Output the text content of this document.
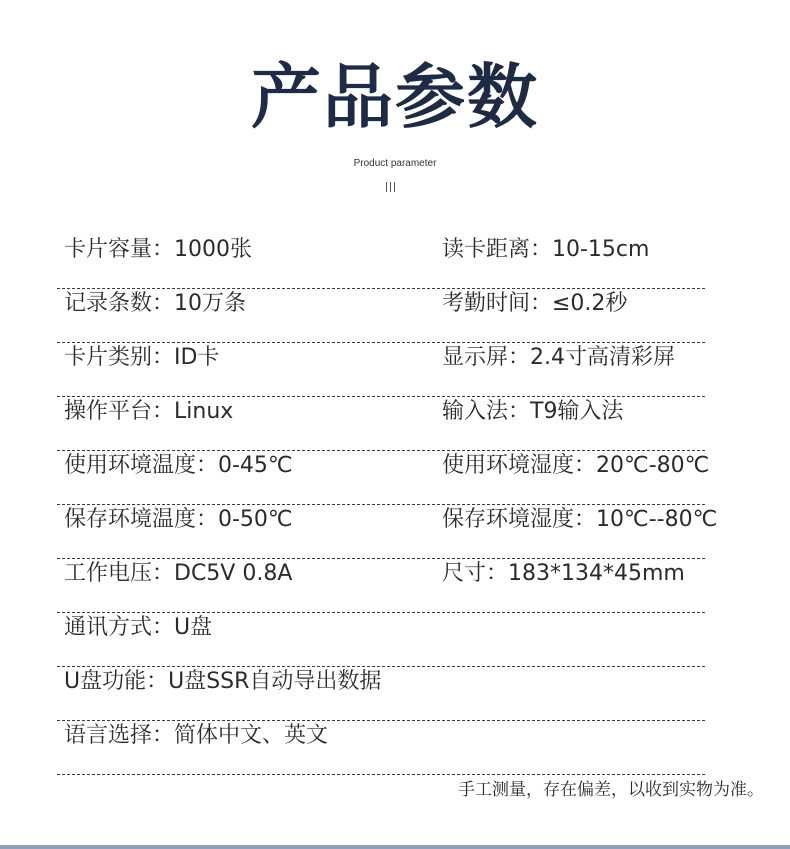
产品参数
Product parameter
卡片容量：1000张	读卡距离：10-15cm
记录条数：10万条	考勤时间：≤0.2秒
卡片类别：ID卡	显示屏：2.4寸高清彩屏
操作平台：Linux	输入法：T9输入法
使用环境温度：0-45℃	使用环境湿度：20℃-80℃
保存环境温度：0-50℃	保存环境湿度：10℃--80℃
工作电压：DC5V 0.8A	尺寸：183*134*45mm
通讯方式：U盘
U盘功能：U盘SSR自动导出数据
语言选择：简体中文、英文
手工测量，存在偏差，以收到实物为准。
